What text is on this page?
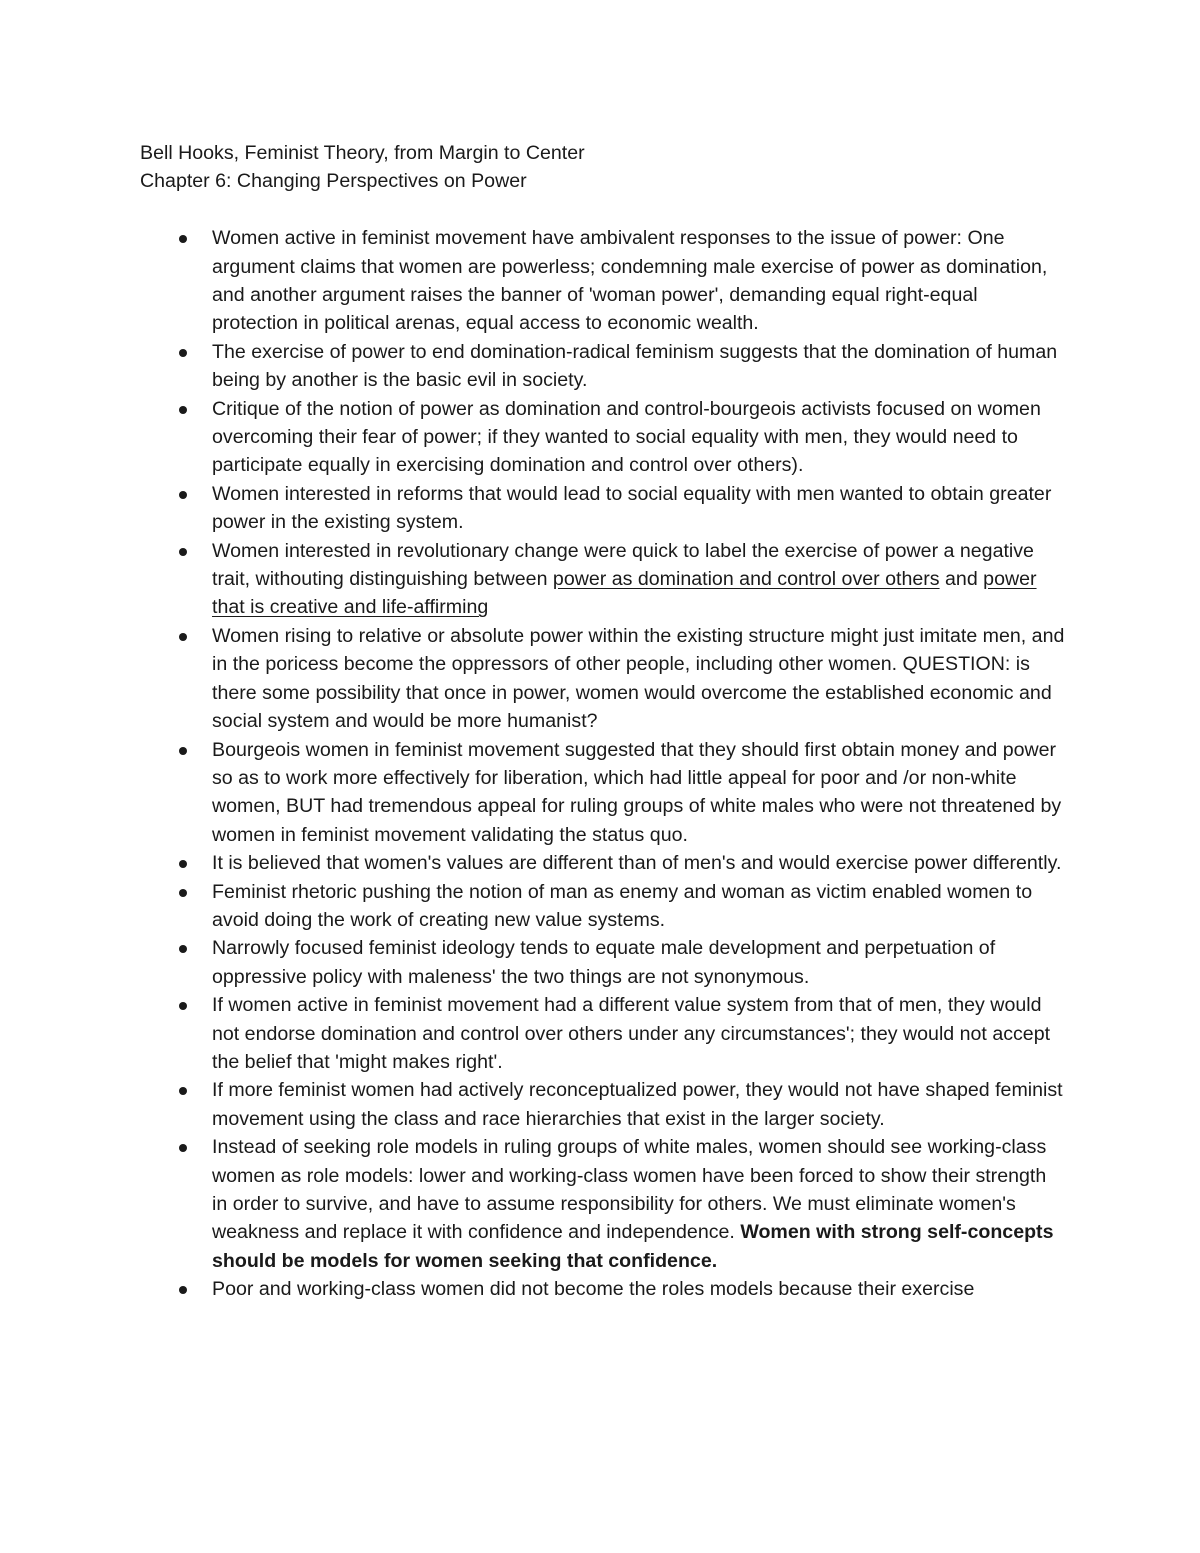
Bell Hooks, Feminist Theory, from Margin to Center

Chapter 6: Changing Perspectives on Power

Women active in feminist movement have ambivalent responses to the issue of power: One argument claims that women are powerless; condemning male exercise of power as domination, and another argument raises the banner of 'woman power', demanding equal right-equal protection in political arenas, equal access to economic wealth.
The exercise of power to end domination-radical feminism suggests that the domination of human being by another is the basic evil in society.
Critique of the notion of power as domination and control-bourgeois activists focused on women overcoming their fear of power; if they wanted to social equality with men, they would need to participate equally in exercising domination and control over others).
Women interested in reforms that would lead to social equality with men wanted to obtain greater power in the existing system.
Women interested in revolutionary change were quick to label the exercise of power a negative trait, withouting distinguishing between power as domination and control over others and power that is creative and life-affirming
Women rising to relative or absolute power within the existing structure might just imitate men, and in the poricess become the oppressors of other people, including other women. QUESTION: is there some possibility that once in power, women would overcome the established economic and social system and would be more humanist?
Bourgeois women in feminist movement suggested that they should first obtain money and power so as to work more effectively for liberation, which had little appeal for poor and /or non-white women, BUT had tremendous appeal for ruling groups of white males who were not threatened by women in feminist movement validating the status quo.
It is believed that women's values are different than of men's and would exercise power differently.
Feminist rhetoric pushing the notion of man as enemy and woman as victim enabled women to avoid doing the work of creating new value systems.
Narrowly focused feminist ideology tends to equate male development and perpetuation of oppressive policy with maleness' the two things are not synonymous.
If women active in feminist movement had a different value system from that of men, they would not endorse domination and control over others under any circumstances'; they would not accept the belief that 'might makes right'.
If more feminist women had actively reconceptualized power, they would not have shaped feminist movement using the class and race hierarchies that exist in the larger society.
Instead of seeking role models in ruling groups of white males, women should see working-class women as role models: lower and working-class women have been forced to show their strength in order to survive, and have to assume responsibility for others. We must eliminate women's weakness and replace it with confidence and independence. Women with strong self-concepts should be models for women seeking that confidence.
Poor and working-class women did not become the roles models because their exercise
